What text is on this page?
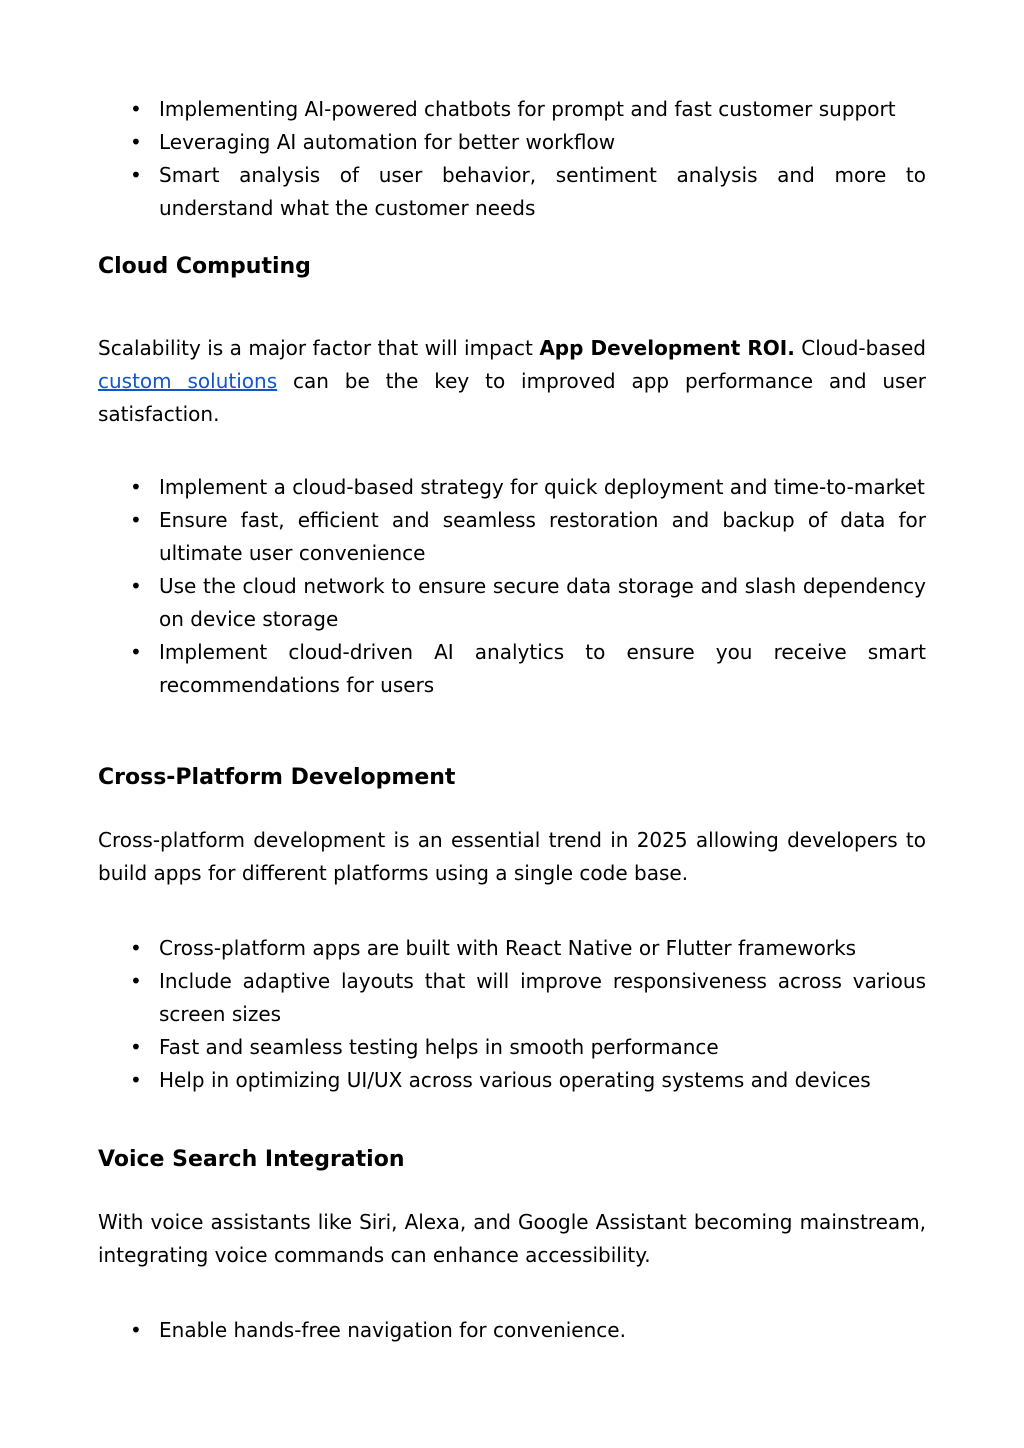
• Implementing AI-powered chatbots for prompt and fast customer support
• Leveraging AI automation for better workflow
• Smart analysis of user behavior, sentiment analysis and more to understand what the customer needs
Cloud Computing

Scalability is a major factor that will impact App Development ROI. Cloud-based custom solutions can be the key to improved app performance and user satisfaction.

• Implement a cloud-based strategy for quick deployment and time-to-market
• Ensure fast, efficient and seamless restoration and backup of data for ultimate user convenience
• Use the cloud network to ensure secure data storage and slash dependency on device storage
• Implement cloud-driven AI analytics to ensure you receive smart recommendations for users
Cross-Platform Development

Cross-platform development is an essential trend in 2025 allowing developers to build apps for different platforms using a single code base.

• Cross-platform apps are built with React Native or Flutter frameworks
• Include adaptive layouts that will improve responsiveness across various screen sizes
• Fast and seamless testing helps in smooth performance
• Help in optimizing UI/UX across various operating systems and devices
Voice Search Integration

With voice assistants like Siri, Alexa, and Google Assistant becoming mainstream, integrating voice commands can enhance accessibility.

• Enable hands-free navigation for convenience.
